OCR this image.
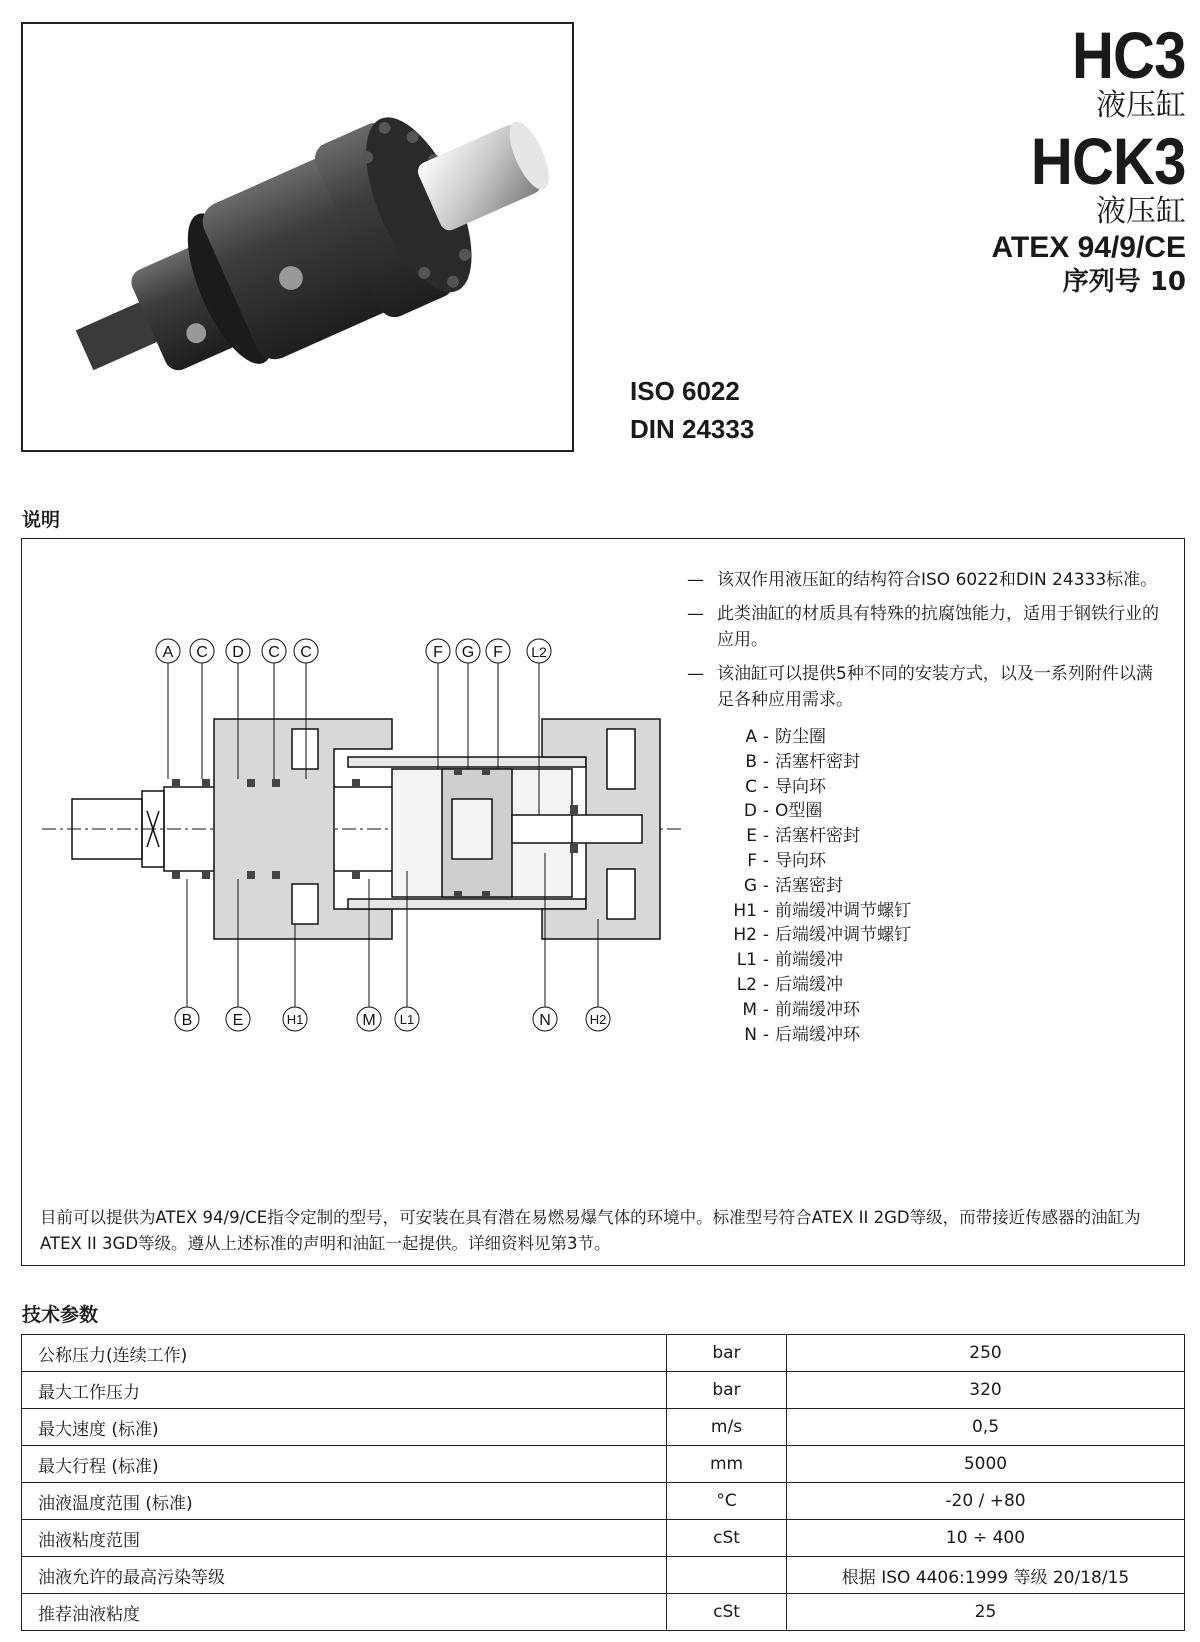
HC3
液压缸
HCK3
液压缸
ATEX 94/9/CE
序列号 10
ISO 6022
DIN 24333
说明
A C D C C	F G F L2
B	E	H1	M L1	N	H2
— 该双作用液压缸的结构符合ISO 6022和DIN 24333标准。
— 此类油缸的材质具有特殊的抗腐蚀能力，适用于钢铁行业的应用。
— 该油缸可以提供5种不同的安装方式，以及一系列附件以满足各种应用需求。
A - 防尘圈
B - 活塞杆密封
C - 导向环
D - O型圈
E - 活塞杆密封
F - 导向环
G - 活塞密封
H1 - 前端缓冲调节螺钉
H2 - 后端缓冲调节螺钉
L1 - 前端缓冲
L2 - 后端缓冲
M - 前端缓冲环
N - 后端缓冲环
目前可以提供为ATEX 94/9/CE指令定制的型号，可安装在具有潜在易燃易爆气体的环境中。标准型号符合ATEX II 2GD等级，而带接近传感器的油缸为ATEX II 3GD等级。遵从上述标准的声明和油缸一起提供。详细资料见第3节。
技术参数
公称压力(连续工作)	bar	250
最大工作压力	bar	320
最大速度 (标准)	m/s	0,5
最大行程 (标准)	mm	5000
油液温度范围 (标准)	°C	-20 / +80
油液粘度范围	cSt	10 ÷ 400
油液允许的最高污染等级		根据 ISO 4406:1999 等级 20/18/15
推荐油液粘度	cSt	25
